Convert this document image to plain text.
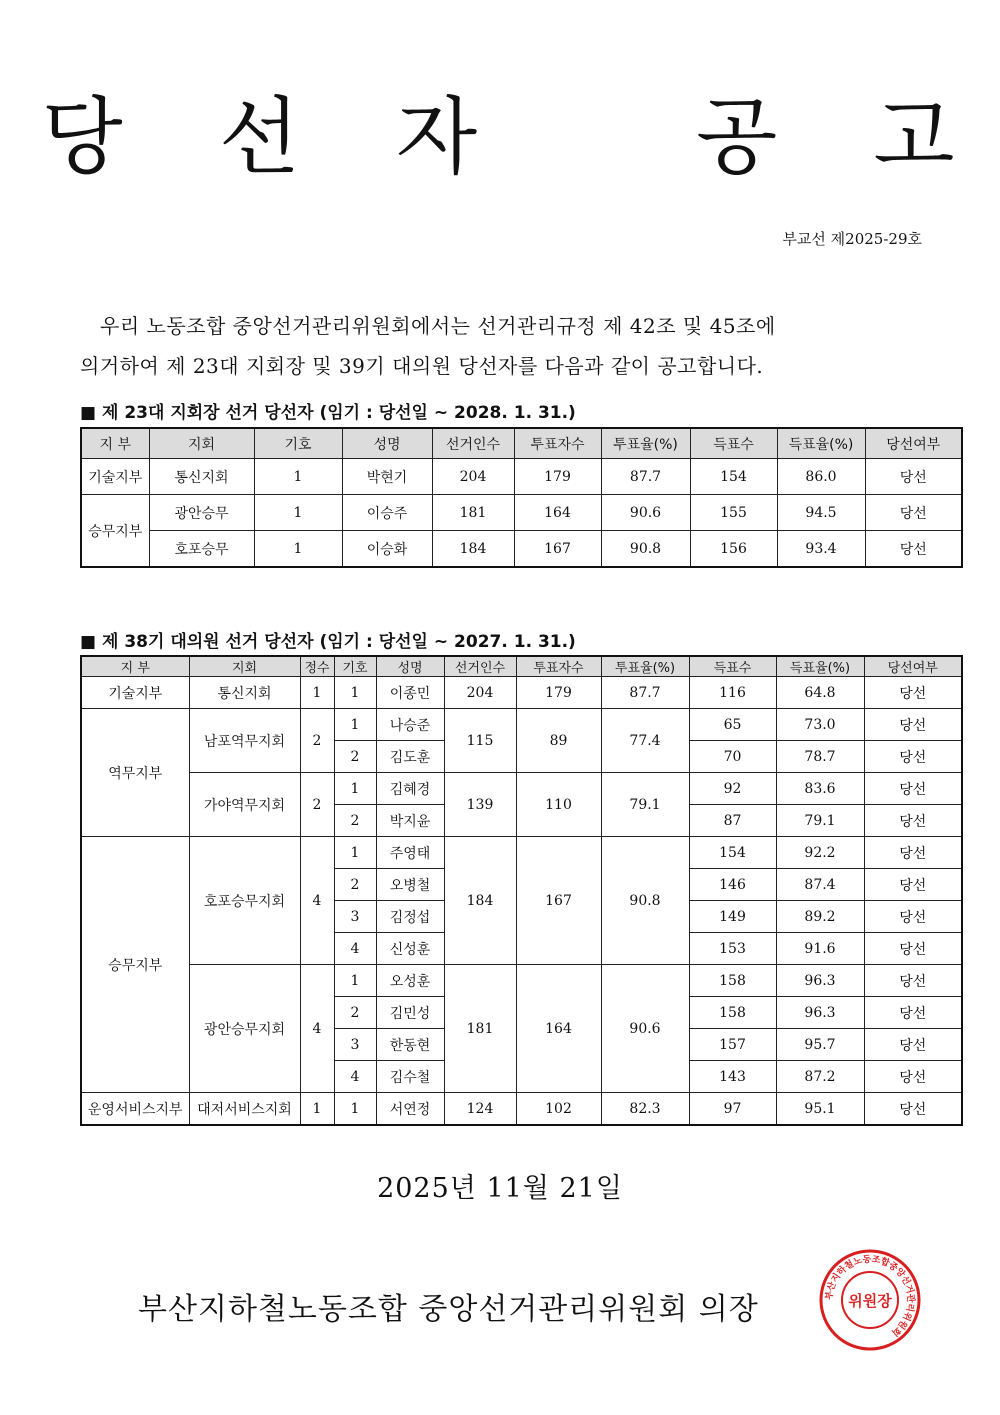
당 선 자	공 고
부교선 제2025-29호

우리 노동조합 중앙선거관리위원회에서는 선거관리규정 제 42조 및 45조에

의거하여 제 23대 지회장 및 39기 대의원 당선자를 다음과 같이 공고합니다.

■ 제 23대 지회장 선거 당선자 (임기 : 당선일 ~ 2028. 1. 31.)
지 부	지회	기호	성명	선거인수	투표자수	투표율(%)	득표수	득표율(%)	당선여부
기술지부	통신지회	1	박현기	204	179	87.7	154	86.0	당선
승무지부	광안승무	1	이승주	181	164	90.6	155	94.5	당선
	호포승무	1	이승화	184	167	90.8	156	93.4	당선
■ 제 38기 대의원 선거 당선자 (임기 : 당선일 ~ 2027. 1. 31.)
지 부	지회	정수	기호	성명	선거인수	투표자수	투표율(%)	득표수	득표율(%)	당선여부
기술지부	통신지회	1	1	이종민	204	179	87.7	116	64.8	당선
역무지부	남포역무지회	2	1	나승준	115	89	77.4	65	73.0	당선
			2	김도훈				70	78.7	당선
	가야역무지회	2	1	김혜경	139	110	79.1	92	83.6	당선
			2	박지윤				87	79.1	당선
승무지부	호포승무지회	4	1	주영태	184	167	90.8	154	92.2	당선
			2	오병철				146	87.4	당선
			3	김정섭				149	89.2	당선
			4	신성훈				153	91.6	당선
	광안승무지회	4	1	오성훈	181	164	90.6	158	96.3	당선
			2	김민성				158	96.3	당선
			3	한동현				157	95.7	당선
			4	김수철				143	87.2	당선
운영서비스지부	대저서비스지회	1	1	서연정	124	102	82.3	97	95.1	당선
2025년 11월 21일
부산지하철노동조합 중앙선거관리위원회 의장	부산지하철노동조합중앙선거관리위원회
위원장
